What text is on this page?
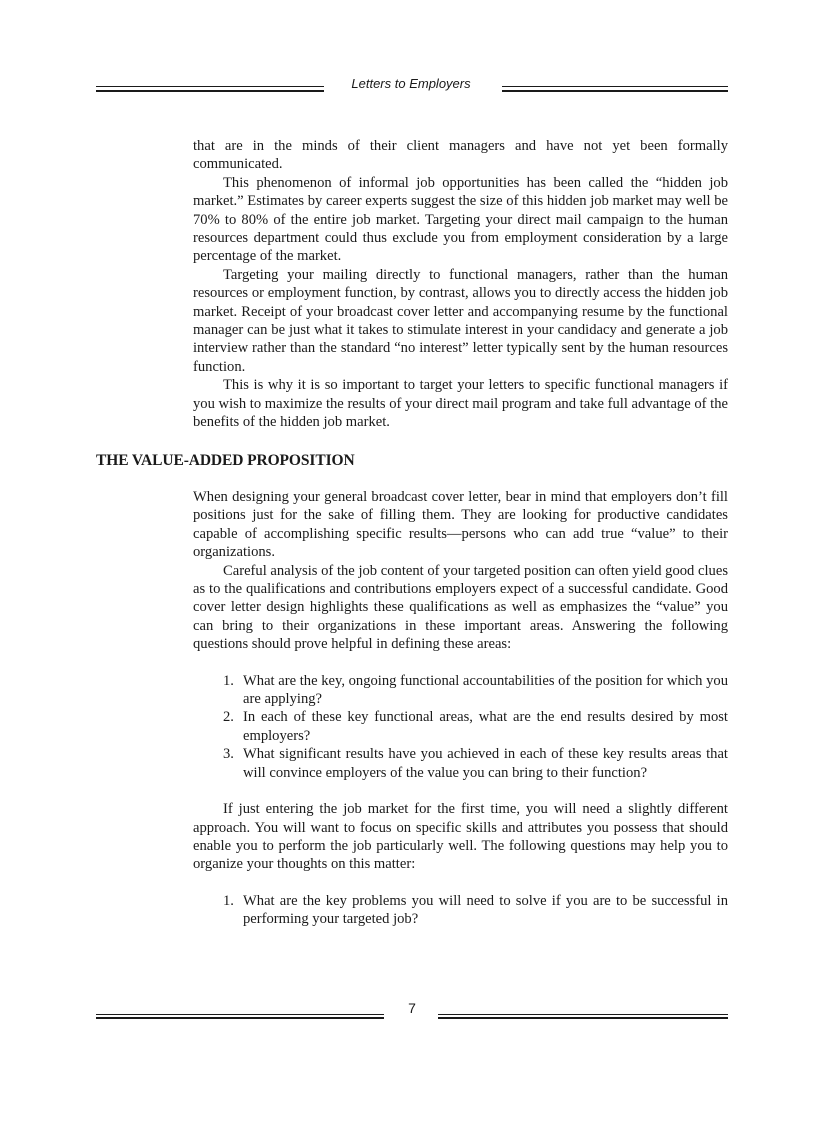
Letters to Employers

that are in the minds of their client managers and have not yet been formally communicated.

This phenomenon of informal job opportunities has been called the “hidden job market.” Estimates by career experts suggest the size of this hidden job market may well be 70% to 80% of the entire job market. Targeting your direct mail campaign to the human resources department could thus exclude you from employment consideration by a large percentage of the market.

Targeting your mailing directly to functional managers, rather than the human resources or employment function, by contrast, allows you to directly access the hidden job market. Receipt of your broadcast cover letter and accompanying resume by the functional manager can be just what it takes to stimulate interest in your candidacy and generate a job interview rather than the standard “no interest” letter typically sent by the human resources function.

This is why it is so important to target your letters to specific functional managers if you wish to maximize the results of your direct mail program and take full advantage of the benefits of the hidden job market.

THE VALUE-ADDED PROPOSITION

When designing your general broadcast cover letter, bear in mind that employers don’t fill positions just for the sake of filling them. They are looking for productive candidates capable of accomplishing specific results—persons who can add true “value” to their organizations.

Careful analysis of the job content of your targeted position can often yield good clues as to the qualifications and contributions employers expect of a successful candidate. Good cover letter design highlights these qualifications as well as emphasizes the “value” you can bring to their organizations in these important areas. Answering the following questions should prove helpful in defining these areas:

1. What are the key, ongoing functional accountabilities of the position for which you are applying?
2. In each of these key functional areas, what are the end results desired by most employers?
3. What significant results have you achieved in each of these key results areas that will convince employers of the value you can bring to their function?

If just entering the job market for the first time, you will need a slightly different approach. You will want to focus on specific skills and attributes you possess that should enable you to perform the job particularly well. The following questions may help you to organize your thoughts on this matter:

1. What are the key problems you will need to solve if you are to be successful in performing your targeted job?
7
